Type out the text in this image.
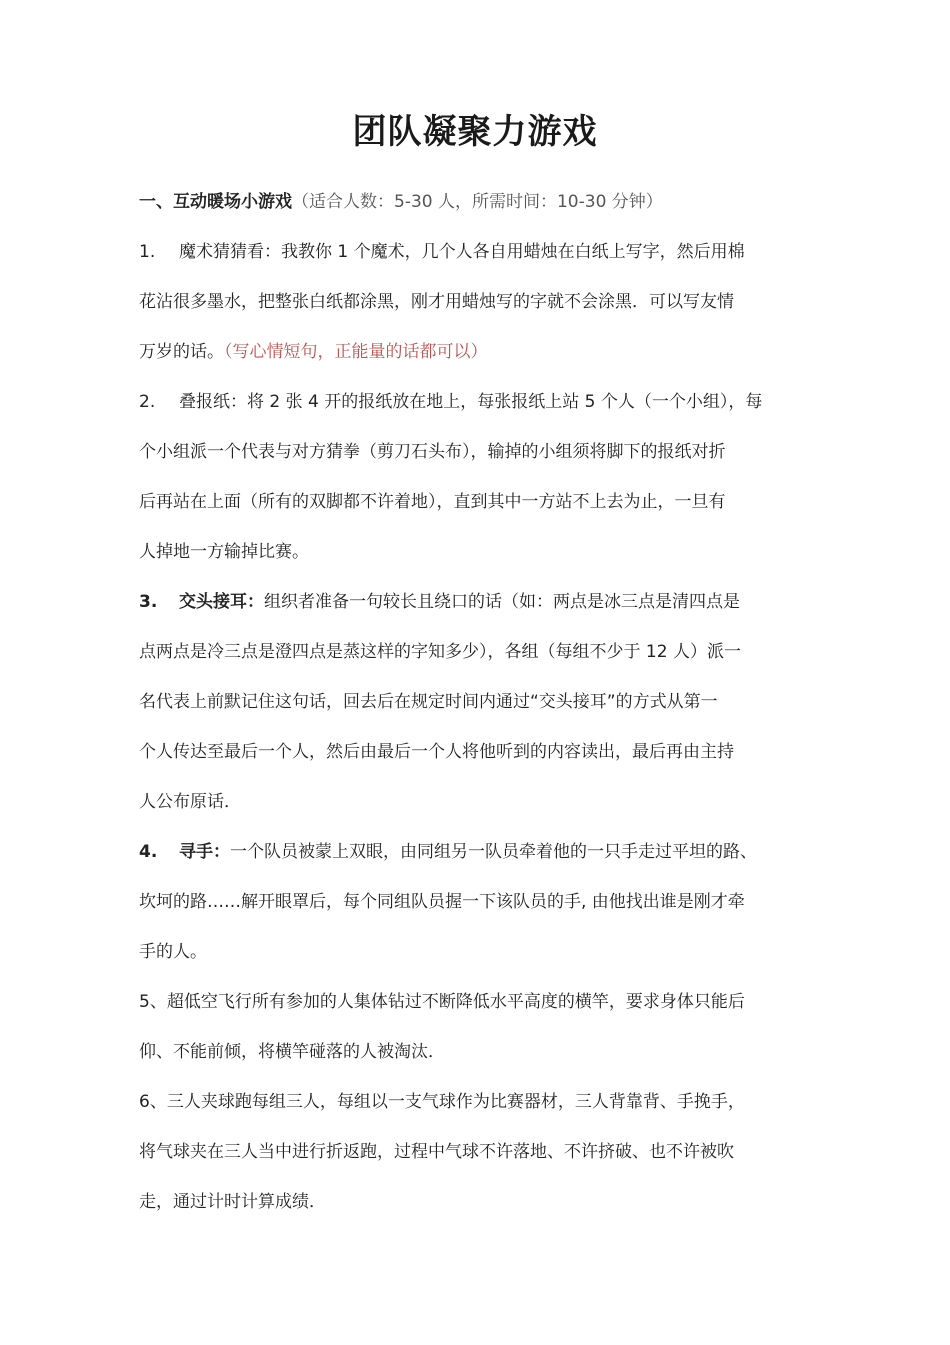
团队凝聚力游戏

一、互动暖场小游戏（适合人数：5-30 人，所需时间：10-30 分钟）

1. 魔术猜猜看：我教你 1 个魔术，几个人各自用蜡烛在白纸上写字，然后用棉

花沾很多墨水，把整张白纸都涂黑，刚才用蜡烛写的字就不会涂黑．可以写友情

万岁的话。（写心情短句，正能量的话都可以）

2. 叠报纸：将 2 张 4 开的报纸放在地上，每张报纸上站 5 个人（一个小组），每

个小组派一个代表与对方猜拳（剪刀石头布），输掉的小组须将脚下的报纸对折

后再站在上面（所有的双脚都不许着地），直到其中一方站不上去为止，一旦有

人掉地一方输掉比赛。

3. 交头接耳：组织者准备一句较长且绕口的话（如：两点是冰三点是清四点是

点两点是冷三点是澄四点是蒸这样的字知多少），各组（每组不少于 12 人）派一

名代表上前默记住这句话，回去后在规定时间内通过“交头接耳”的方式从第一

个人传达至最后一个人，然后由最后一个人将他听到的内容读出，最后再由主持

人公布原话．

4. 寻手：一个队员被蒙上双眼，由同组另一队员牵着他的一只手走过平坦的路、

坎坷的路……解开眼罩后，每个同组队员握一下该队员的手, 由他找出谁是刚才牵

手的人。

5、超低空飞行所有参加的人集体钻过不断降低水平高度的横竿，要求身体只能后

仰、不能前倾，将横竿碰落的人被淘汰．

6、三人夹球跑每组三人，每组以一支气球作为比赛器材，三人背靠背、手挽手，

将气球夹在三人当中进行折返跑，过程中气球不许落地、不许挤破、也不许被吹

走，通过计时计算成绩．
